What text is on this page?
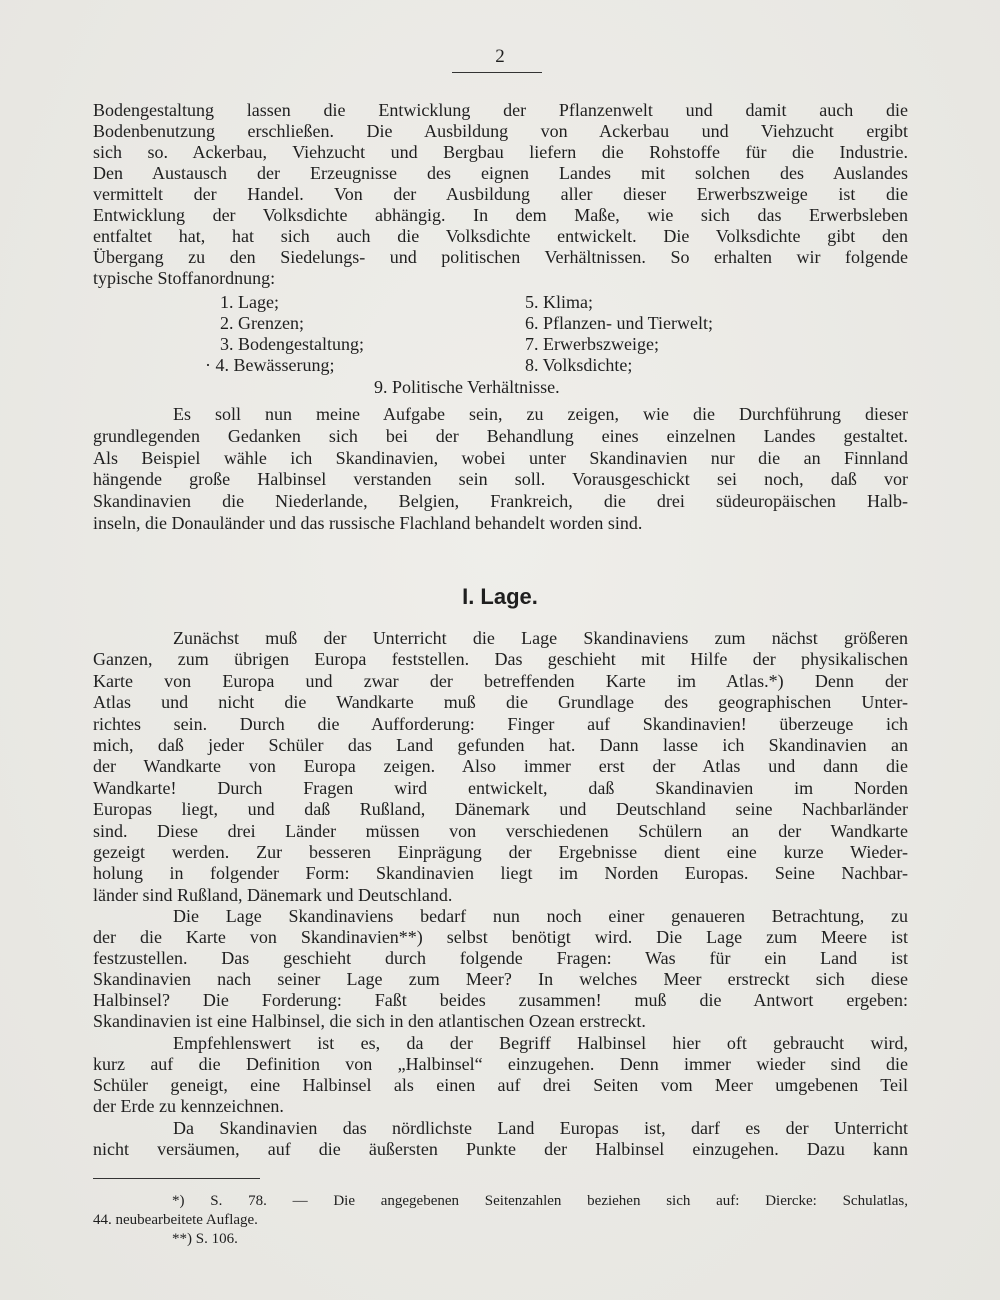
2
Bodengestaltung lassen die Entwicklung der Pflanzenwelt und damit auch die
Bodenbenutzung erschließen. Die Ausbildung von Ackerbau und Viehzucht ergibt
sich so. Ackerbau, Viehzucht und Bergbau liefern die Rohstoffe für die Industrie.
Den Austausch der Erzeugnisse des eignen Landes mit solchen des Auslandes
vermittelt der Handel. Von der Ausbildung aller dieser Erwerbszweige ist die
Entwicklung der Volksdichte abhängig. In dem Maße, wie sich das Erwerbsleben
entfaltet hat, hat sich auch die Volksdichte entwickelt. Die Volksdichte gibt den
Übergang zu den Siedelungs- und politischen Verhältnissen. So erhalten wir folgende
typische Stoffanordnung:
Es soll nun meine Aufgabe sein, zu zeigen, wie die Durchführung dieser
grundlegenden Gedanken sich bei der Behandlung eines einzelnen Landes gestaltet.
Als Beispiel wähle ich Skandinavien, wobei unter Skandinavien nur die an Finnland
hängende große Halbinsel verstanden sein soll. Vorausgeschickt sei noch, daß vor
Skandinavien die Niederlande, Belgien, Frankreich, die drei südeuropäischen Halb-
inseln, die Donauländer und das russische Flachland behandelt worden sind.
Zunächst muß der Unterricht die Lage Skandinaviens zum nächst größeren
Ganzen, zum übrigen Europa feststellen. Das geschieht mit Hilfe der physikalischen
Karte von Europa und zwar der betreffenden Karte im Atlas.*) Denn der
Atlas und nicht die Wandkarte muß die Grundlage des geographischen Unter-
richtes sein. Durch die Aufforderung: Finger auf Skandinavien! überzeuge ich
mich, daß jeder Schüler das Land gefunden hat. Dann lasse ich Skandinavien an
der Wandkarte von Europa zeigen. Also immer erst der Atlas und dann die
Wandkarte! Durch Fragen wird entwickelt, daß Skandinavien im Norden
Europas liegt, und daß Rußland, Dänemark und Deutschland seine Nachbarländer
sind. Diese drei Länder müssen von verschiedenen Schülern an der Wandkarte
gezeigt werden. Zur besseren Einprägung der Ergebnisse dient eine kurze Wieder-
holung in folgender Form: Skandinavien liegt im Norden Europas. Seine Nachbar-
länder sind Rußland, Dänemark und Deutschland.
Die Lage Skandinaviens bedarf nun noch einer genaueren Betrachtung, zu
der die Karte von Skandinavien**) selbst benötigt wird. Die Lage zum Meere ist
festzustellen. Das geschieht durch folgende Fragen: Was für ein Land ist
Skandinavien nach seiner Lage zum Meer? In welches Meer erstreckt sich diese
Halbinsel? Die Forderung: Faßt beides zusammen! muß die Antwort ergeben:
Skandinavien ist eine Halbinsel, die sich in den atlantischen Ozean erstreckt.
Empfehlenswert ist es, da der Begriff Halbinsel hier oft gebraucht wird,
kurz auf die Definition von „Halbinsel“ einzugehen. Denn immer wieder sind die
Schüler geneigt, eine Halbinsel als einen auf drei Seiten vom Meer umgebenen Teil
der Erde zu kennzeichnen.
Da Skandinavien das nördlichste Land Europas ist, darf es der Unterricht
nicht versäumen, auf die äußersten Punkte der Halbinsel einzugehen. Dazu kann
1. Lage;
2. Grenzen;
3. Bodengestaltung;
· 4. Bewässerung;
5. Klima;
6. Pflanzen- und Tierwelt;
7. Erwerbszweige;
8. Volksdichte;
9. Politische Verhältnisse.
I. Lage.
*) S. 78. — Die angegebenen Seitenzahlen beziehen sich auf: Diercke: Schulatlas,
44. neubearbeitete Auflage.
**) S. 106.
